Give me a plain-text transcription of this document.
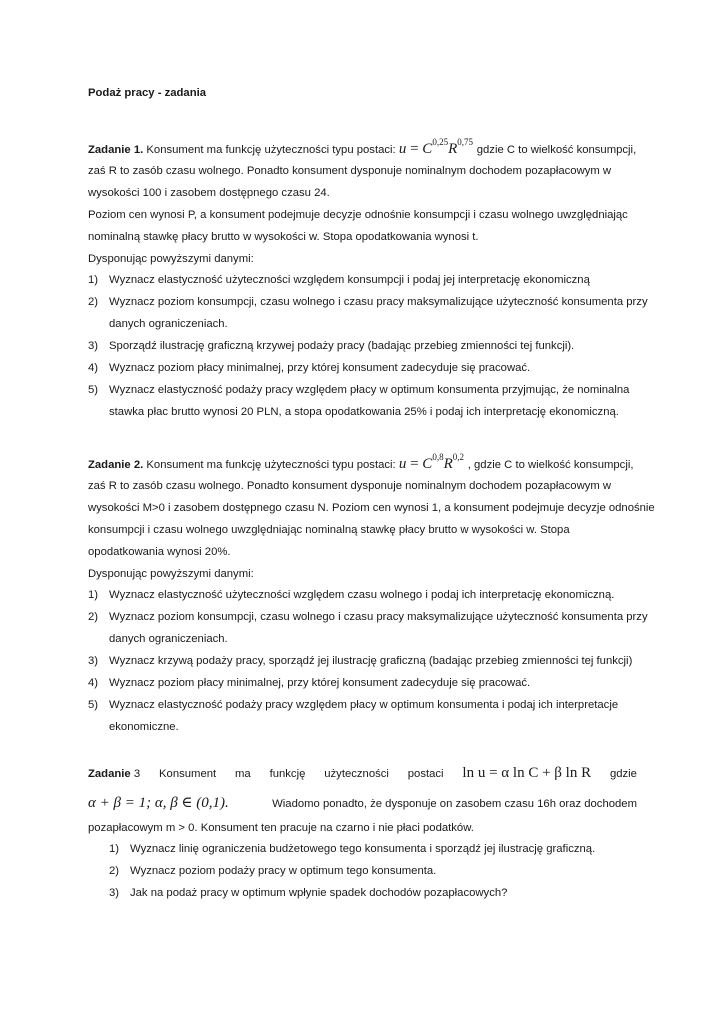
Podaż pracy - zadania
Zadanie 1. Konsument ma funkcję użyteczności typu postaci: $u = C^{0,25}R^{0,75}$ gdzie C to wielkość konsumpcji,
zaś R to zasób czasu wolnego. Ponadto konsument dysponuje nominalnym dochodem pozapłacowym w
wysokości 100 i zasobem dostępnego czasu 24.
Poziom cen wynosi P, a konsument podejmuje decyzje odnośnie konsumpcji i czasu wolnego uwzględniając
nominalną stawkę płacy brutto w wysokości w. Stopa opodatkowania wynosi t.
Dysponując powyższymi danymi:
1) Wyznacz elastyczność użyteczności względem konsumpcji i podaj jej interpretację ekonomiczną
2) Wyznacz poziom konsumpcji, czasu wolnego i czasu pracy maksymalizujące użyteczność konsumenta przy
danych ograniczeniach.
3) Sporządź ilustrację graficzną krzywej podaży pracy (badając przebieg zmienności tej funkcji).
4) Wyznacz poziom płacy minimalnej, przy której konsument zadecyduje się pracować.
5) Wyznacz elastyczność podaży pracy względem płacy w optimum konsumenta przyjmując, że nominalna
stawka płac brutto wynosi 20 PLN, a stopa opodatkowania 25% i podaj ich interpretację ekonomiczną.
Zadanie 2. Konsument ma funkcję użyteczności typu postaci: $u = C^{0,8}R^{0,2}$ , gdzie C to wielkość konsumpcji,
zaś R to zasób czasu wolnego. Ponadto konsument dysponuje nominalnym dochodem pozapłacowym w
wysokości M>0 i zasobem dostępnego czasu N. Poziom cen wynosi 1, a konsument podejmuje decyzje odnośnie
konsumpcji i czasu wolnego uwzględniając nominalną stawkę płacy brutto w wysokości w. Stopa
opodatkowania wynosi 20%.
Dysponując powyższymi danymi:
1) Wyznacz elastyczność użyteczności względem czasu wolnego i podaj ich interpretację ekonomiczną.
2) Wyznacz poziom konsumpcji, czasu wolnego i czasu pracy maksymalizujące użyteczność konsumenta przy
danych ograniczeniach.
3) Wyznacz krzywą podaży pracy, sporządź jej ilustrację graficzną (badając przebieg zmienności tej funkcji)
4) Wyznacz poziom płacy minimalnej, przy której konsument zadecyduje się pracować.
5) Wyznacz elastyczność podaży pracy względem płacy w optimum konsumenta i podaj ich interpretacje
ekonomiczne.
Zadanie 3 Konsument ma funkcję użyteczności postaci ln u = α ln C + β ln R gdzie
α + β = 1; α, β ∈ (0,1).	Wiadomo ponadto, że dysponuje on zasobem czasu 16h oraz dochodem
pozapłacowym m > 0. Konsument ten pracuje na czarno i nie płaci podatków.
1) Wyznacz linię ograniczenia budżetowego tego konsumenta i sporządź jej ilustrację graficzną.
2) Wyznacz poziom podaży pracy w optimum tego konsumenta.
3) Jak na podaż pracy w optimum wpłynie spadek dochodów pozapłacowych?
